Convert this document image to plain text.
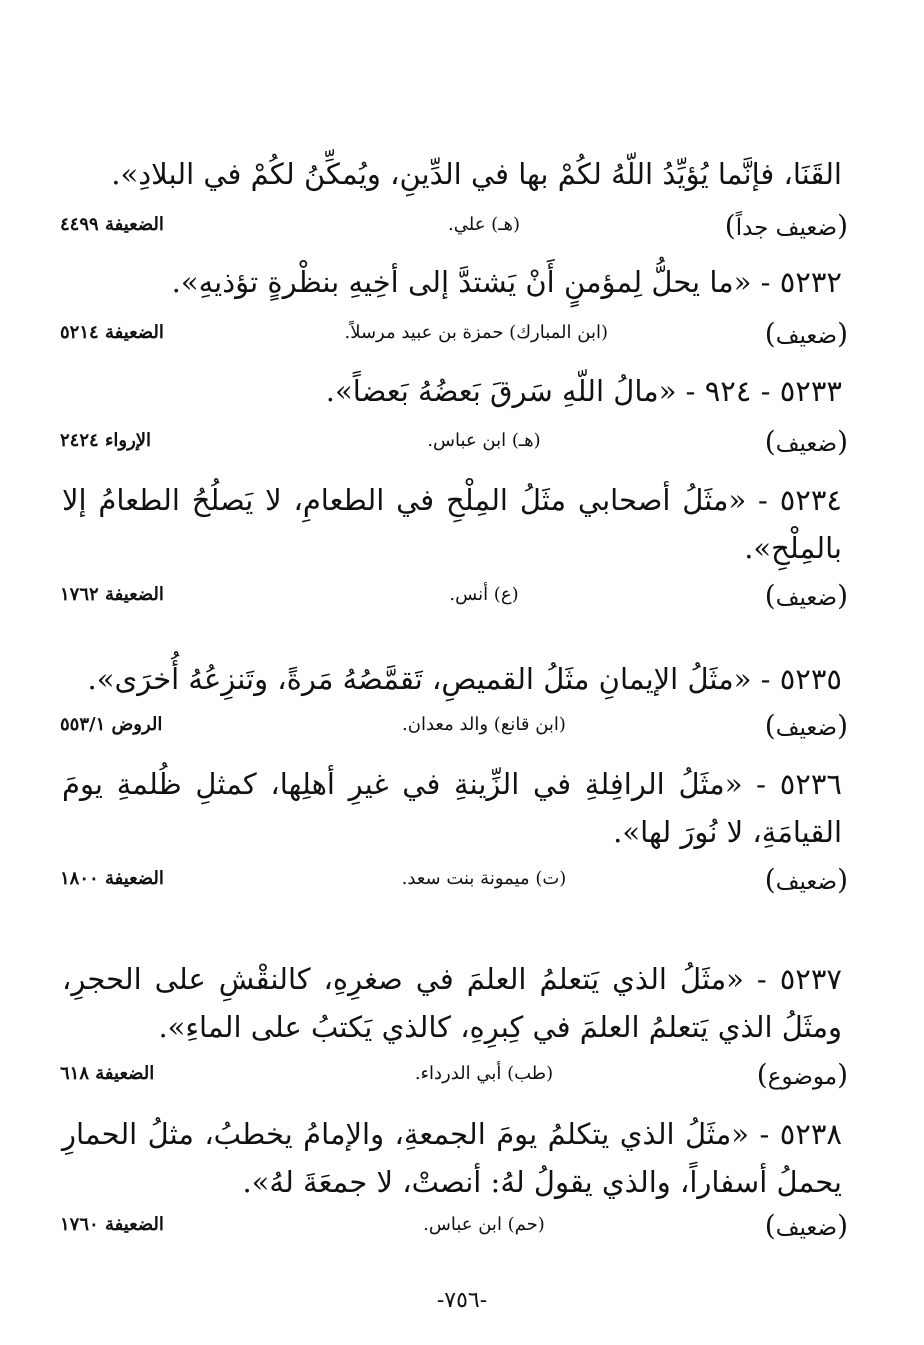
القَنَا، فإنَّما يُؤيِّدُ اللّهُ لكُمْ بها في الدِّينِ، ويُمكِّنُ لكُمْ في البلادِ».
(ضعيف جداً)
(هـ) علي.
الضعيفة ٤٤٩٩
٥٢٣٢ - «ما يحلُّ لِمؤمنٍ أَنْ يَشتدَّ إلى أخِيهِ بنظْرةٍ تؤذيهِ».
(ضعيف)
(ابن المبارك) حمزة بن عبيد مرسلاً.
الضعيفة ٥٢١٤
٥٢٣٣ - ٩٢٤ - «مالُ اللّهِ سَرقَ بَعضُهُ بَعضاً».
(ضعيف)
(هـ) ابن عباس.
الإرواء ٢٤٢٤
٥٢٣٤ - «مثَلُ أصحابي مثَلُ المِلْحِ في الطعامِ، لا يَصلُحُ الطعامُ إلا بالمِلْحِ».
(ضعيف)
(ع) أنس.
الضعيفة ١٧٦٢
٥٢٣٥ - «مثَلُ الإيمانِ مثَلُ القميصِ، تَقمَّصُهُ مَرةً، وتَنزِعُهُ أُخرَى».
(ضعيف)
(ابن قانع) والد معدان.
الروض ٥٥٣/١
٥٢٣٦ - «مثَلُ الرافِلةِ في الزِّينةِ في غيرِ أهلِها، كمثلِ ظُلمةِ يومَ القيامَةِ، لا نُورَ لها».
(ضعيف)
(ت) ميمونة بنت سعد.
الضعيفة ١٨٠٠
٥٢٣٧ - «مثَلُ الذي يَتعلمُ العلمَ في صغرِهِ، كالنقْشِ على الحجرِ، ومثَلُ الذي يَتعلمُ العلمَ في كِبرِهِ، كالذي يَكتبُ على الماءِ».
(موضوع)
(طب) أبي الدرداء.
الضعيفة ٦١٨
٥٢٣٨ - «مثَلُ الذي يتكلمُ يومَ الجمعةِ، والإمامُ يخطبُ، مثلُ الحمارِ يحملُ أسفاراً، والذي يقولُ لهُ: أنصتْ، لا جمعَةَ لهُ».
(ضعيف)
(حم) ابن عباس.
الضعيفة ١٧٦٠
-٧٥٦-
